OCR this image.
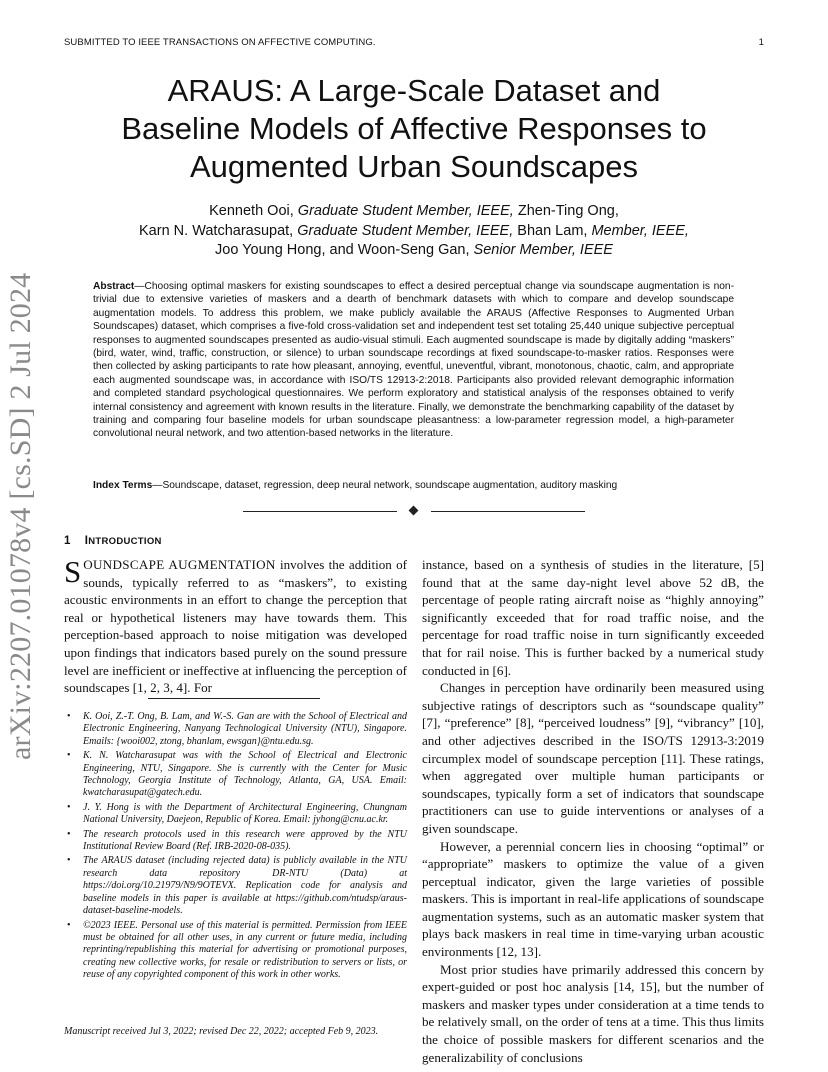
SUBMITTED TO IEEE TRANSACTIONS ON AFFECTIVE COMPUTING.	1
arXiv:2207.01078v4 [cs.SD] 2 Jul 2024
ARAUS: A Large-Scale Dataset and
Baseline Models of Affective Responses to
Augmented Urban Soundscapes
Kenneth Ooi, Graduate Student Member, IEEE, Zhen-Ting Ong,
Karn N. Watcharasupat, Graduate Student Member, IEEE, Bhan Lam, Member, IEEE,
Joo Young Hong, and Woon-Seng Gan, Senior Member, IEEE

Abstract—Choosing optimal maskers for existing soundscapes to effect a desired perceptual change via soundscape augmentation is non-trivial due to extensive varieties of maskers and a dearth of benchmark datasets with which to compare and develop soundscape augmentation models. To address this problem, we make publicly available the ARAUS (Affective Responses to Augmented Urban Soundscapes) dataset, which comprises a five-fold cross-validation set and independent test set totaling 25,440 unique subjective perceptual responses to augmented soundscapes presented as audio-visual stimuli. Each augmented soundscape is made by digitally adding “maskers” (bird, water, wind, traffic, construction, or silence) to urban soundscape recordings at fixed soundscape-to-masker ratios. Responses were then collected by asking participants to rate how pleasant, annoying, eventful, uneventful, vibrant, monotonous, chaotic, calm, and appropriate each augmented soundscape was, in accordance with ISO/TS 12913-2:2018. Participants also provided relevant demographic information and completed standard psychological questionnaires. We perform exploratory and statistical analysis of the responses obtained to verify internal consistency and agreement with known results in the literature. Finally, we demonstrate the benchmarking capability of the dataset by training and comparing four baseline models for urban soundscape pleasantness: a low-parameter regression model, a high-parameter convolutional neural network, and two attention-based networks in the literature.

Index Terms—Soundscape, dataset, regression, deep neural network, soundscape augmentation, auditory masking

1 INTRODUCTION

SOUNDSCAPE AUGMENTATION involves the addition of sounds, typically referred to as “maskers”, to existing acoustic environments in an effort to change the perception that real or hypothetical listeners may have towards them. This perception-based approach to noise mitigation was developed upon findings that indicators based purely on the sound pressure level are inefficient or ineffective at influencing the perception of soundscapes [1, 2, 3, 4]. For

• K. Ooi, Z.-T. Ong, B. Lam, and W.-S. Gan are with the School of Electrical and Electronic Engineering, Nanyang Technological University (NTU), Singapore. Emails: {wooi002, ztong, bhanlam, ewsgan}@ntu.edu.sg.
• K. N. Watcharasupat was with the School of Electrical and Electronic Engineering, NTU, Singapore. She is currently with the Center for Music Technology, Georgia Institute of Technology, Atlanta, GA, USA. Email: kwatcharasupat@gatech.edu.
• J. Y. Hong is with the Department of Architectural Engineering, Chungnam National University, Daejeon, Republic of Korea. Email: jyhong@cnu.ac.kr.
• The research protocols used in this research were approved by the NTU Institutional Review Board (Ref. IRB-2020-08-035).
• The ARAUS dataset (including rejected data) is publicly available in the NTU research data repository DR-NTU (Data) at https://doi.org/10.21979/N9/9OTEVX. Replication code for analysis and baseline models in this paper is available at https://github.com/ntudsp/araus-dataset-baseline-models.
• ©2023 IEEE. Personal use of this material is permitted. Permission from IEEE must be obtained for all other uses, in any current or future media, including reprinting/republishing this material for advertising or promotional purposes, creating new collective works, for resale or redistribution to servers or lists, or reuse of any copyrighted component of this work in other works.
Manuscript received Jul 3, 2022; revised Dec 22, 2022; accepted Feb 9, 2023.

instance, based on a synthesis of studies in the literature, [5] found that at the same day-night level above 52 dB, the percentage of people rating aircraft noise as “highly annoying” significantly exceeded that for road traffic noise, and the percentage for road traffic noise in turn significantly exceeded that for rail noise. This is further backed by a numerical study conducted in [6].

Changes in perception have ordinarily been measured using subjective ratings of descriptors such as “soundscape quality” [7], “preference” [8], “perceived loudness” [9], “vibrancy” [10], and other adjectives described in the ISO/TS 12913-3:2019 circumplex model of soundscape perception [11]. These ratings, when aggregated over multiple human participants or soundscapes, typically form a set of indicators that soundscape practitioners can use to guide interventions or analyses of a given soundscape.

However, a perennial concern lies in choosing “optimal” or “appropriate” maskers to optimize the value of a given perceptual indicator, given the large varieties of possible maskers. This is important in real-life applications of soundscape augmentation systems, such as an automatic masker system that plays back maskers in real time in time-varying urban acoustic environments [12, 13].

Most prior studies have primarily addressed this concern by expert-guided or post hoc analysis [14, 15], but the number of maskers and masker types under consideration at a time tends to be relatively small, on the order of tens at a time. This thus limits the choice of possible maskers for different scenarios and the generalizability of conclusions
